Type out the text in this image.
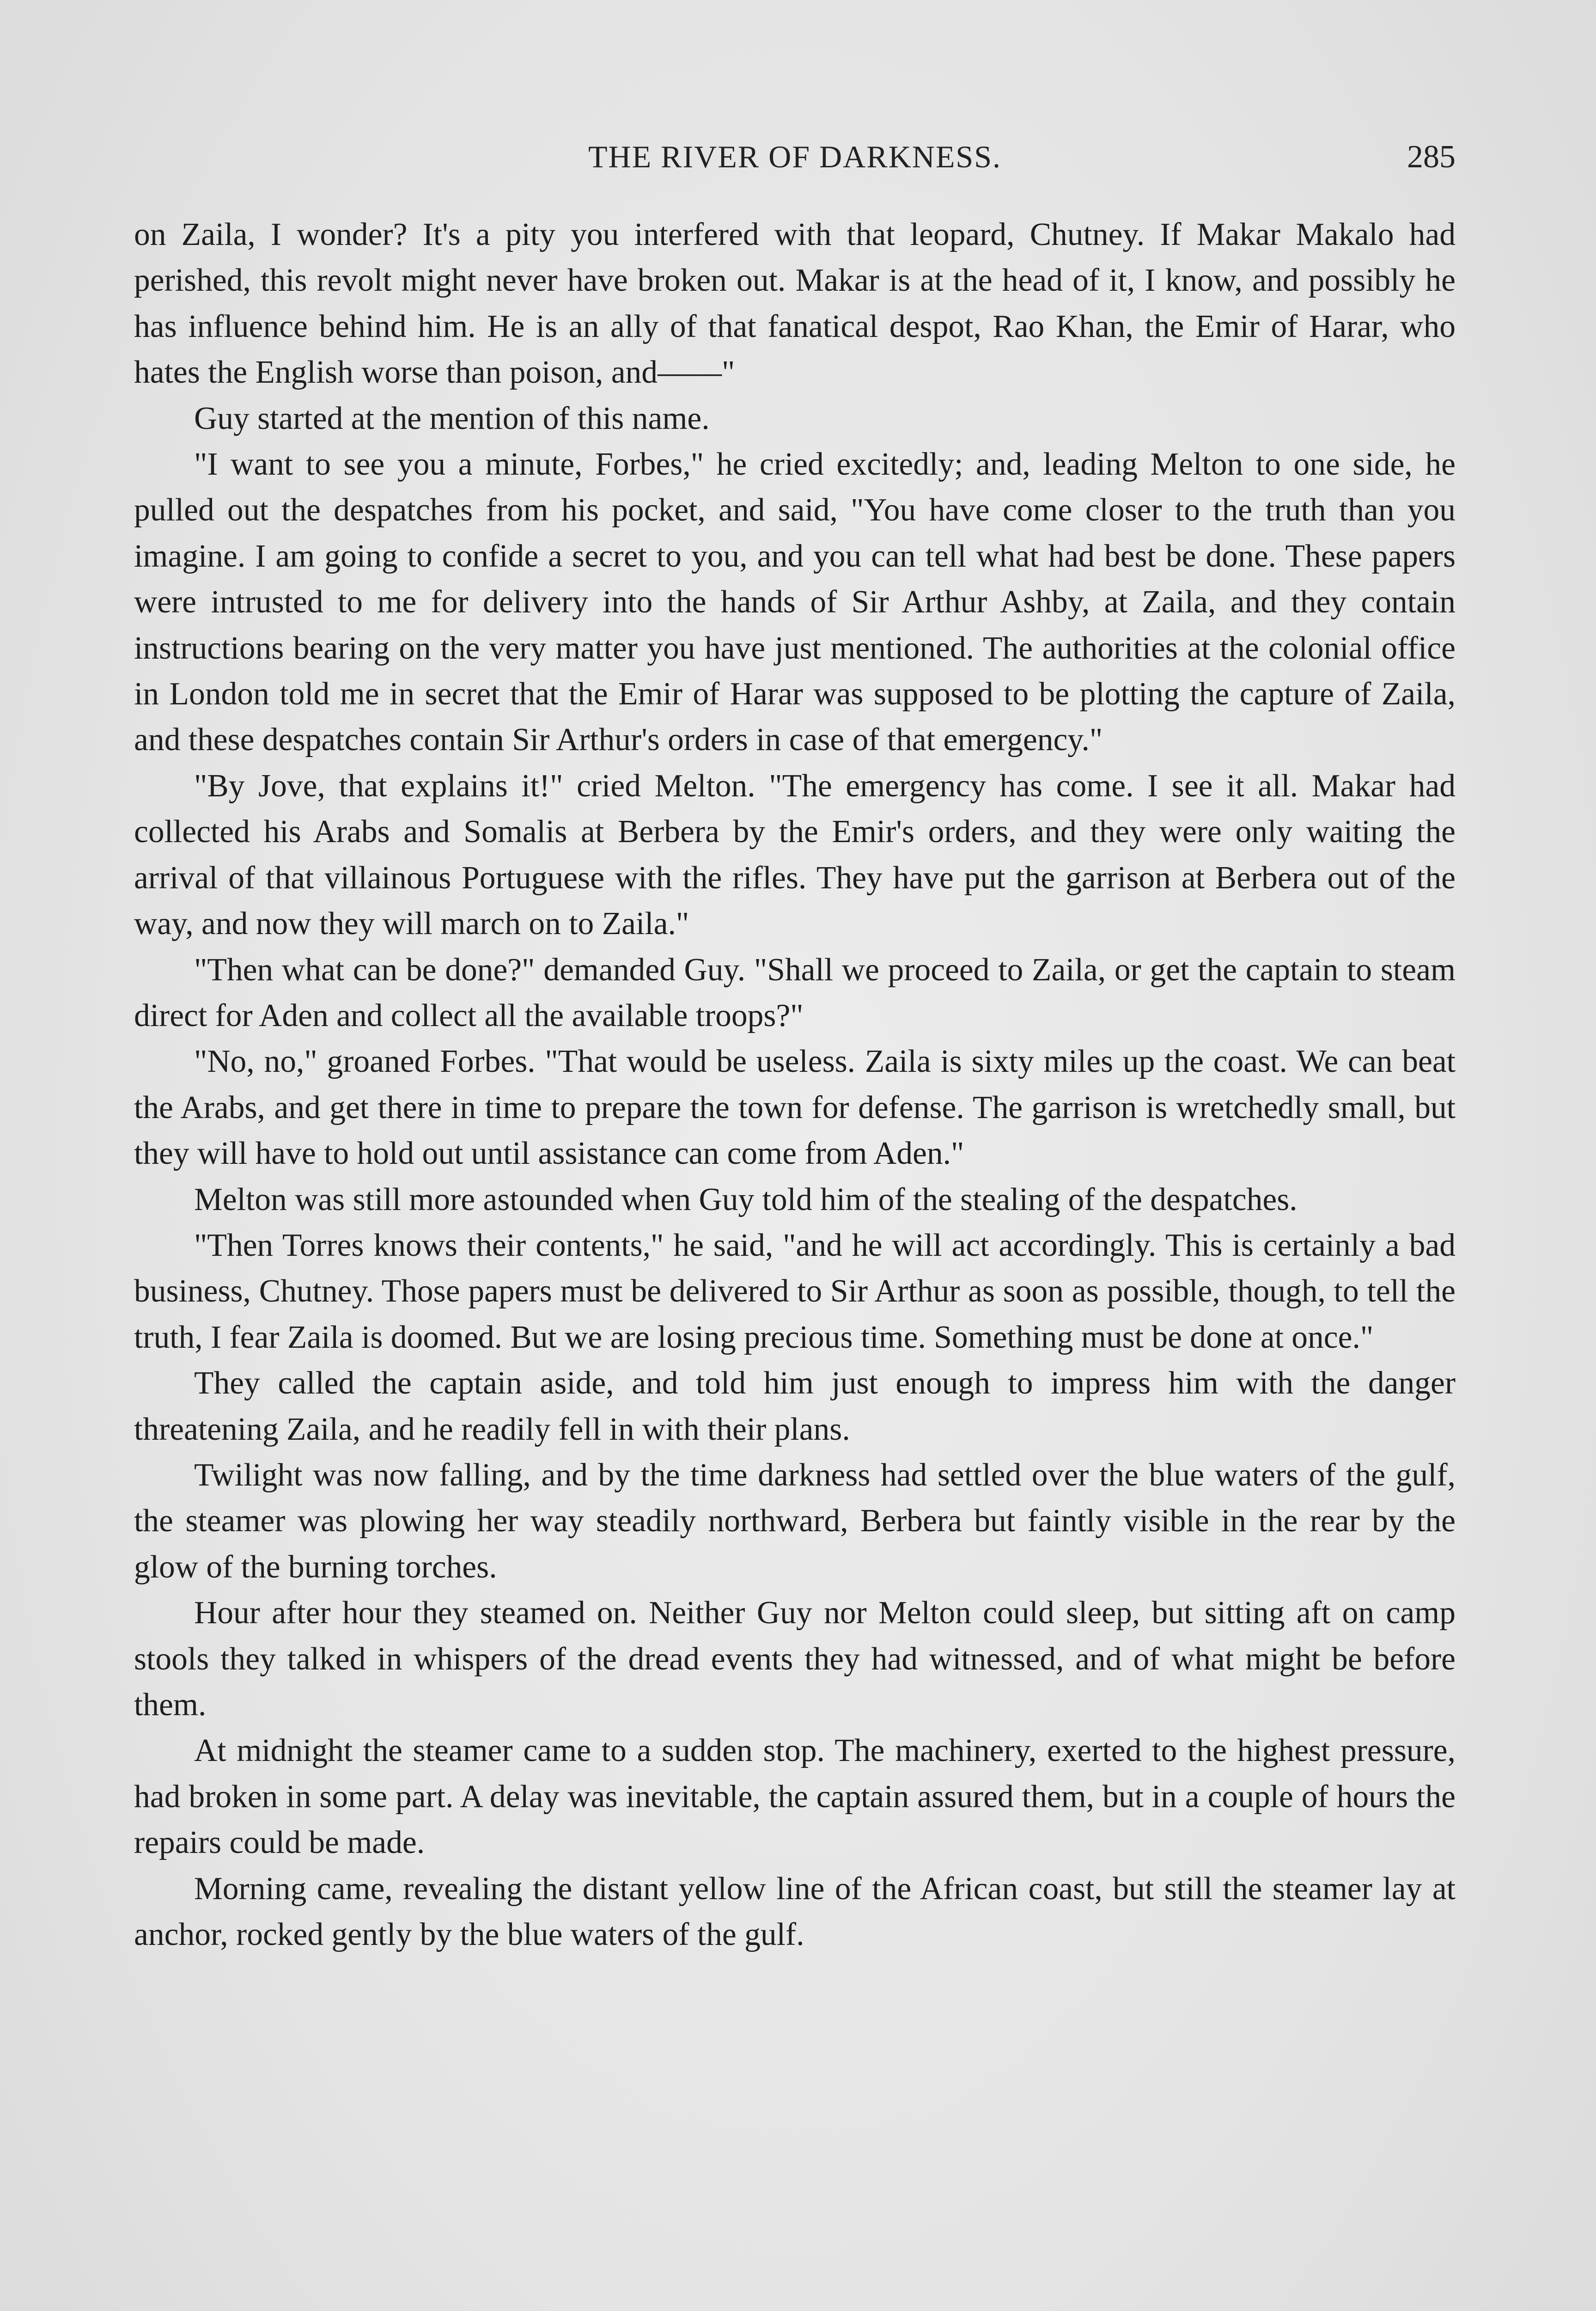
THE RIVER OF DARKNESS.	285

on Zaila, I wonder? It's a pity you interfered with that leopard, Chutney. If Makar Makalo had perished, this revolt might never have broken out. Makar is at the head of it, I know, and possibly he has influence behind him. He is an ally of that fanatical despot, Rao Khan, the Emir of Harar, who hates the English worse than poison, and——"

Guy started at the mention of this name.

"I want to see you a minute, Forbes," he cried excitedly; and, leading Melton to one side, he pulled out the despatches from his pocket, and said, "You have come closer to the truth than you imagine. I am going to confide a secret to you, and you can tell what had best be done. These papers were intrusted to me for delivery into the hands of Sir Arthur Ashby, at Zaila, and they contain instructions bearing on the very matter you have just mentioned. The authorities at the colonial office in London told me in secret that the Emir of Harar was supposed to be plotting the capture of Zaila, and these despatches contain Sir Arthur's orders in case of that emergency."

"By Jove, that explains it!" cried Melton. "The emergency has come. I see it all. Makar had collected his Arabs and Somalis at Berbera by the Emir's orders, and they were only waiting the arrival of that villainous Portuguese with the rifles. They have put the garrison at Berbera out of the way, and now they will march on to Zaila."

"Then what can be done?" demanded Guy. "Shall we proceed to Zaila, or get the captain to steam direct for Aden and collect all the available troops?"

"No, no," groaned Forbes. "That would be useless. Zaila is sixty miles up the coast. We can beat the Arabs, and get there in time to prepare the town for defense. The garrison is wretchedly small, but they will have to hold out until assistance can come from Aden."

Melton was still more astounded when Guy told him of the stealing of the despatches.

"Then Torres knows their contents," he said, "and he will act accordingly. This is certainly a bad business, Chutney. Those papers must be delivered to Sir Arthur as soon as possible, though, to tell the truth, I fear Zaila is doomed. But we are losing precious time. Something must be done at once."

They called the captain aside, and told him just enough to impress him with the danger threatening Zaila, and he readily fell in with their plans.

Twilight was now falling, and by the time darkness had settled over the blue waters of the gulf, the steamer was plowing her way steadily northward, Berbera but faintly visible in the rear by the glow of the burning torches.

Hour after hour they steamed on. Neither Guy nor Melton could sleep, but sitting aft on camp stools they talked in whispers of the dread events they had witnessed, and of what might be before them.

At midnight the steamer came to a sudden stop. The machinery, exerted to the highest pressure, had broken in some part. A delay was inevitable, the captain assured them, but in a couple of hours the repairs could be made.

Morning came, revealing the distant yellow line of the African coast, but still the steamer lay at anchor, rocked gently by the blue waters of the gulf.
